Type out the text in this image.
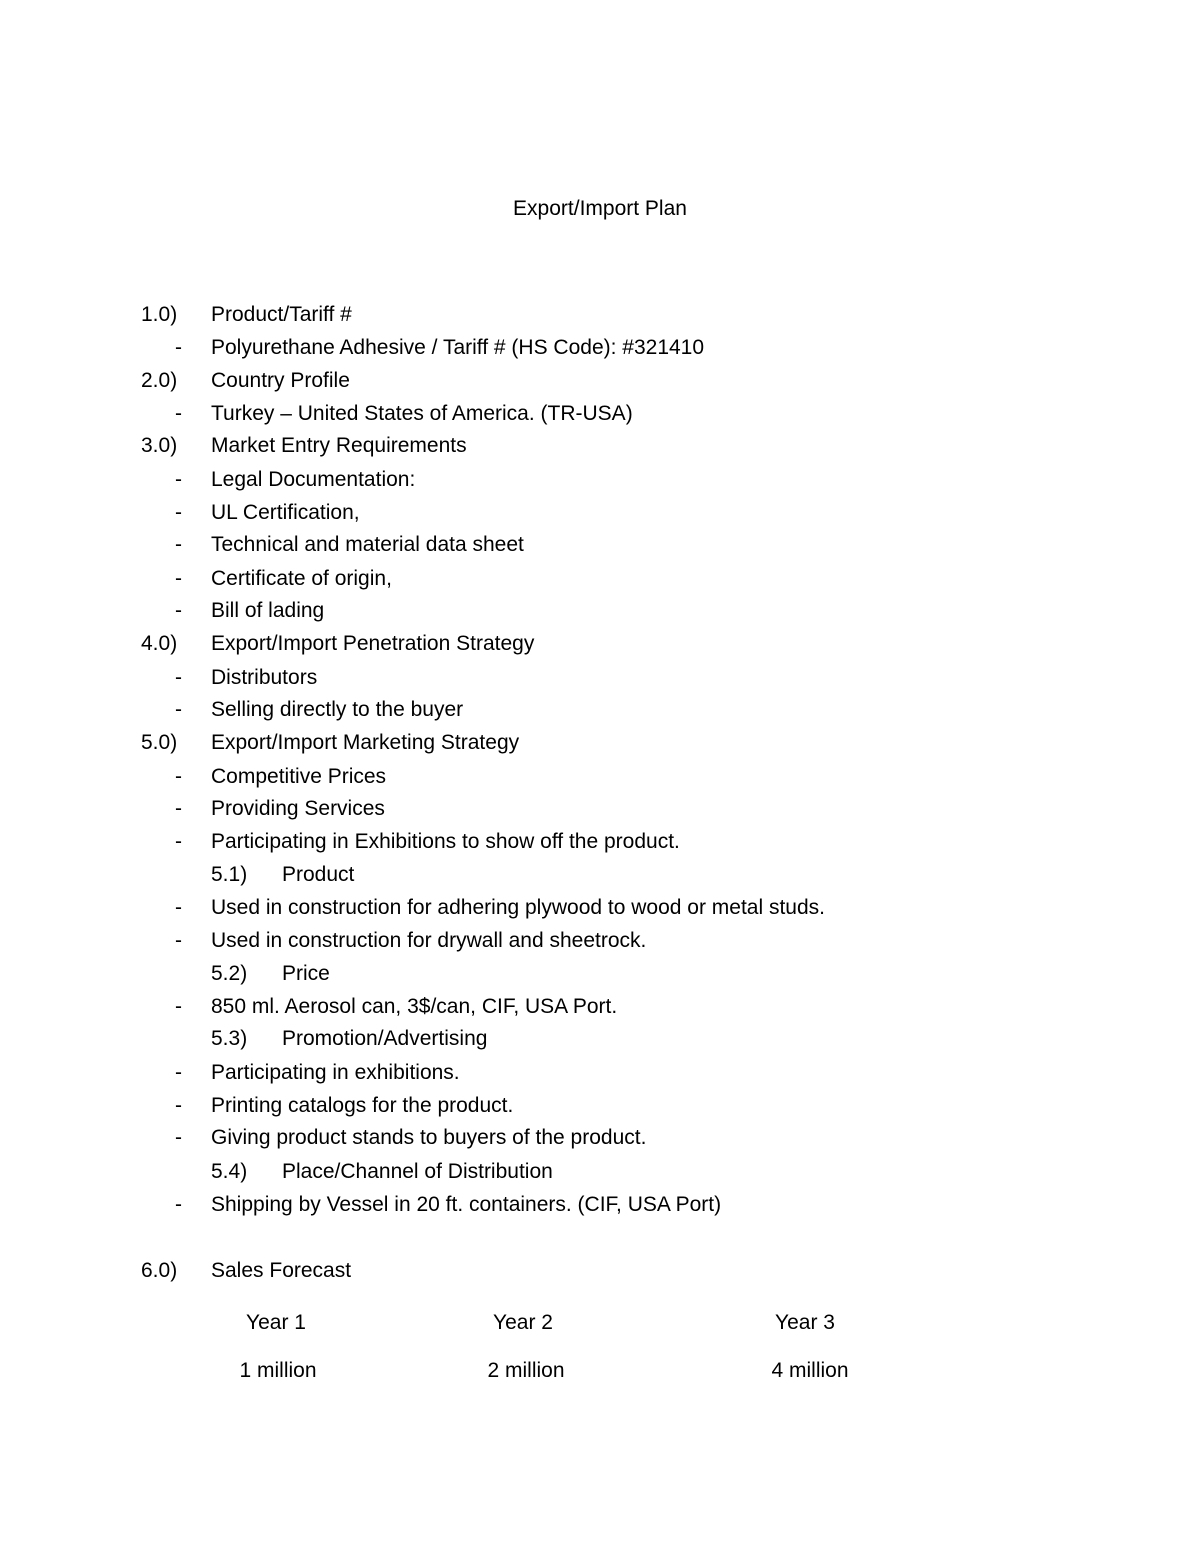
Export/Import Plan
1.0) Product/Tariff #
- Polyurethane Adhesive / Tariff # (HS Code): #321410
2.0) Country Profile
- Turkey – United States of America. (TR-USA)
3.0) Market Entry Requirements
- Legal Documentation:
- UL Certification,
- Technical and material data sheet
- Certificate of origin,
- Bill of lading
4.0) Export/Import Penetration Strategy
- Distributors
- Selling directly to the buyer
5.0) Export/Import Marketing Strategy
- Competitive Prices
- Providing Services
- Participating in Exhibitions to show off the product.
5.1) Product
- Used in construction for adhering plywood to wood or metal studs.
- Used in construction for drywall and sheetrock.
5.2) Price
- 850 ml. Aerosol can, 3$/can, CIF, USA Port.
5.3) Promotion/Advertising
- Participating in exhibitions.
- Printing catalogs for the product.
- Giving product stands to buyers of the product.
5.4) Place/Channel of Distribution
- Shipping by Vessel in 20 ft. containers. (CIF, USA Port)
6.0) Sales Forecast
Year 1	Year 2	Year 3
1 million	2 million	4 million
